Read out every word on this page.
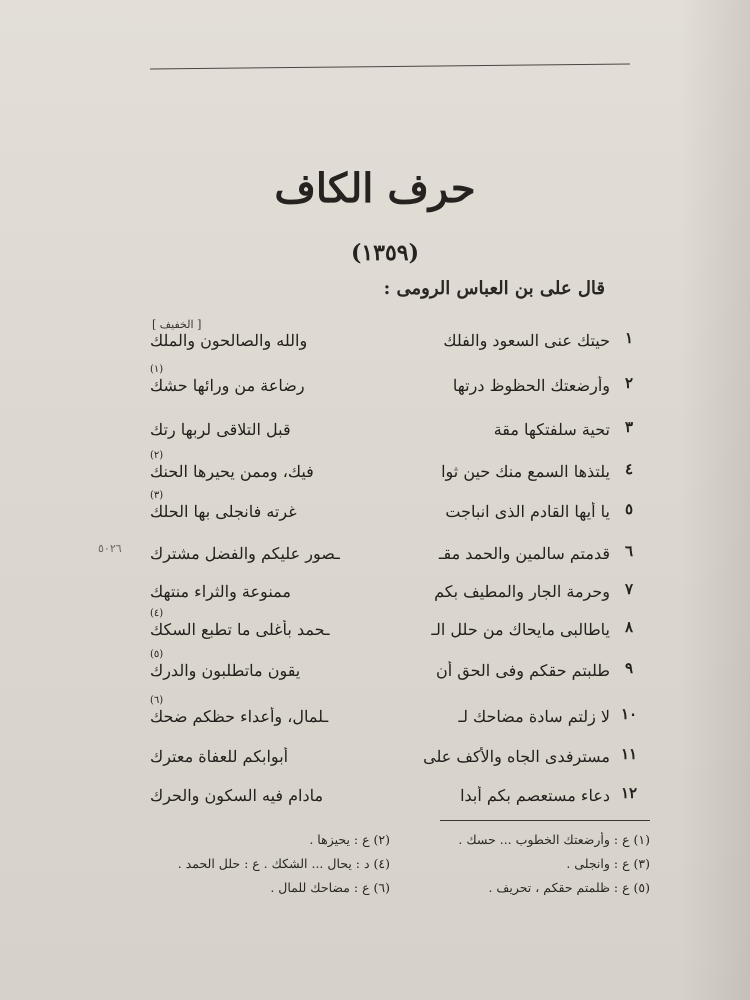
حرف الكاف
(١٣٥٩)
قال على بن العباس الرومى :
[ الخفيف ]
٥٠٢٦
١
حيتك عنى السعود والفلك
والله والصالحون والملك
٢
وأرضعتك الحظوظ درتها
(١)
رضاعة من ورائها حشك
٣
تحية سلفتكها مقة
قبل التلاقى لربها رتك
٤
يلتذها السمع منك حين ثوا
(٢)
فيك، وممن يحيرها الحنك
٥
يا أيها القادم الذى انباجت
(٣)
غرته فانجلى بها الحلك
٦
قدمتم سالمين والحمد مقـ
ـصور عليكم والفضل مشترك
٧
وحرمة الجار والمطيف بكم
ممنوعة والثراء منتهك
٨
ياطالبى مايحاك من حلل الـ
(٤)
ـحمد بأغلى ما تطبع السكك
٩
طلبتم حقكم وفى الحق أن
(٥)
يقون ماتطلبون والدرك
١٠
لا زلتم سادة مضاحك لـ
(٦)
ـلمال، وأعداء حظكم ضحك
١١
مسترفدى الجاه والأكف على
أبوابكم للعفاة معترك
١٢
دعاء مستعصم بكم أبدا
مادام فيه السكون والحرك
(١) ع : وأرضعتك الخطوب ... حسك .
(٢) ع : يحيزها .
(٣) ع : وانجلى .
(٤) د : يحال ... الشكك . ع : حلل الحمد .
(٥) ع : ظلمتم حقكم ، تحريف .
(٦) ع : مضاحك للمال .
